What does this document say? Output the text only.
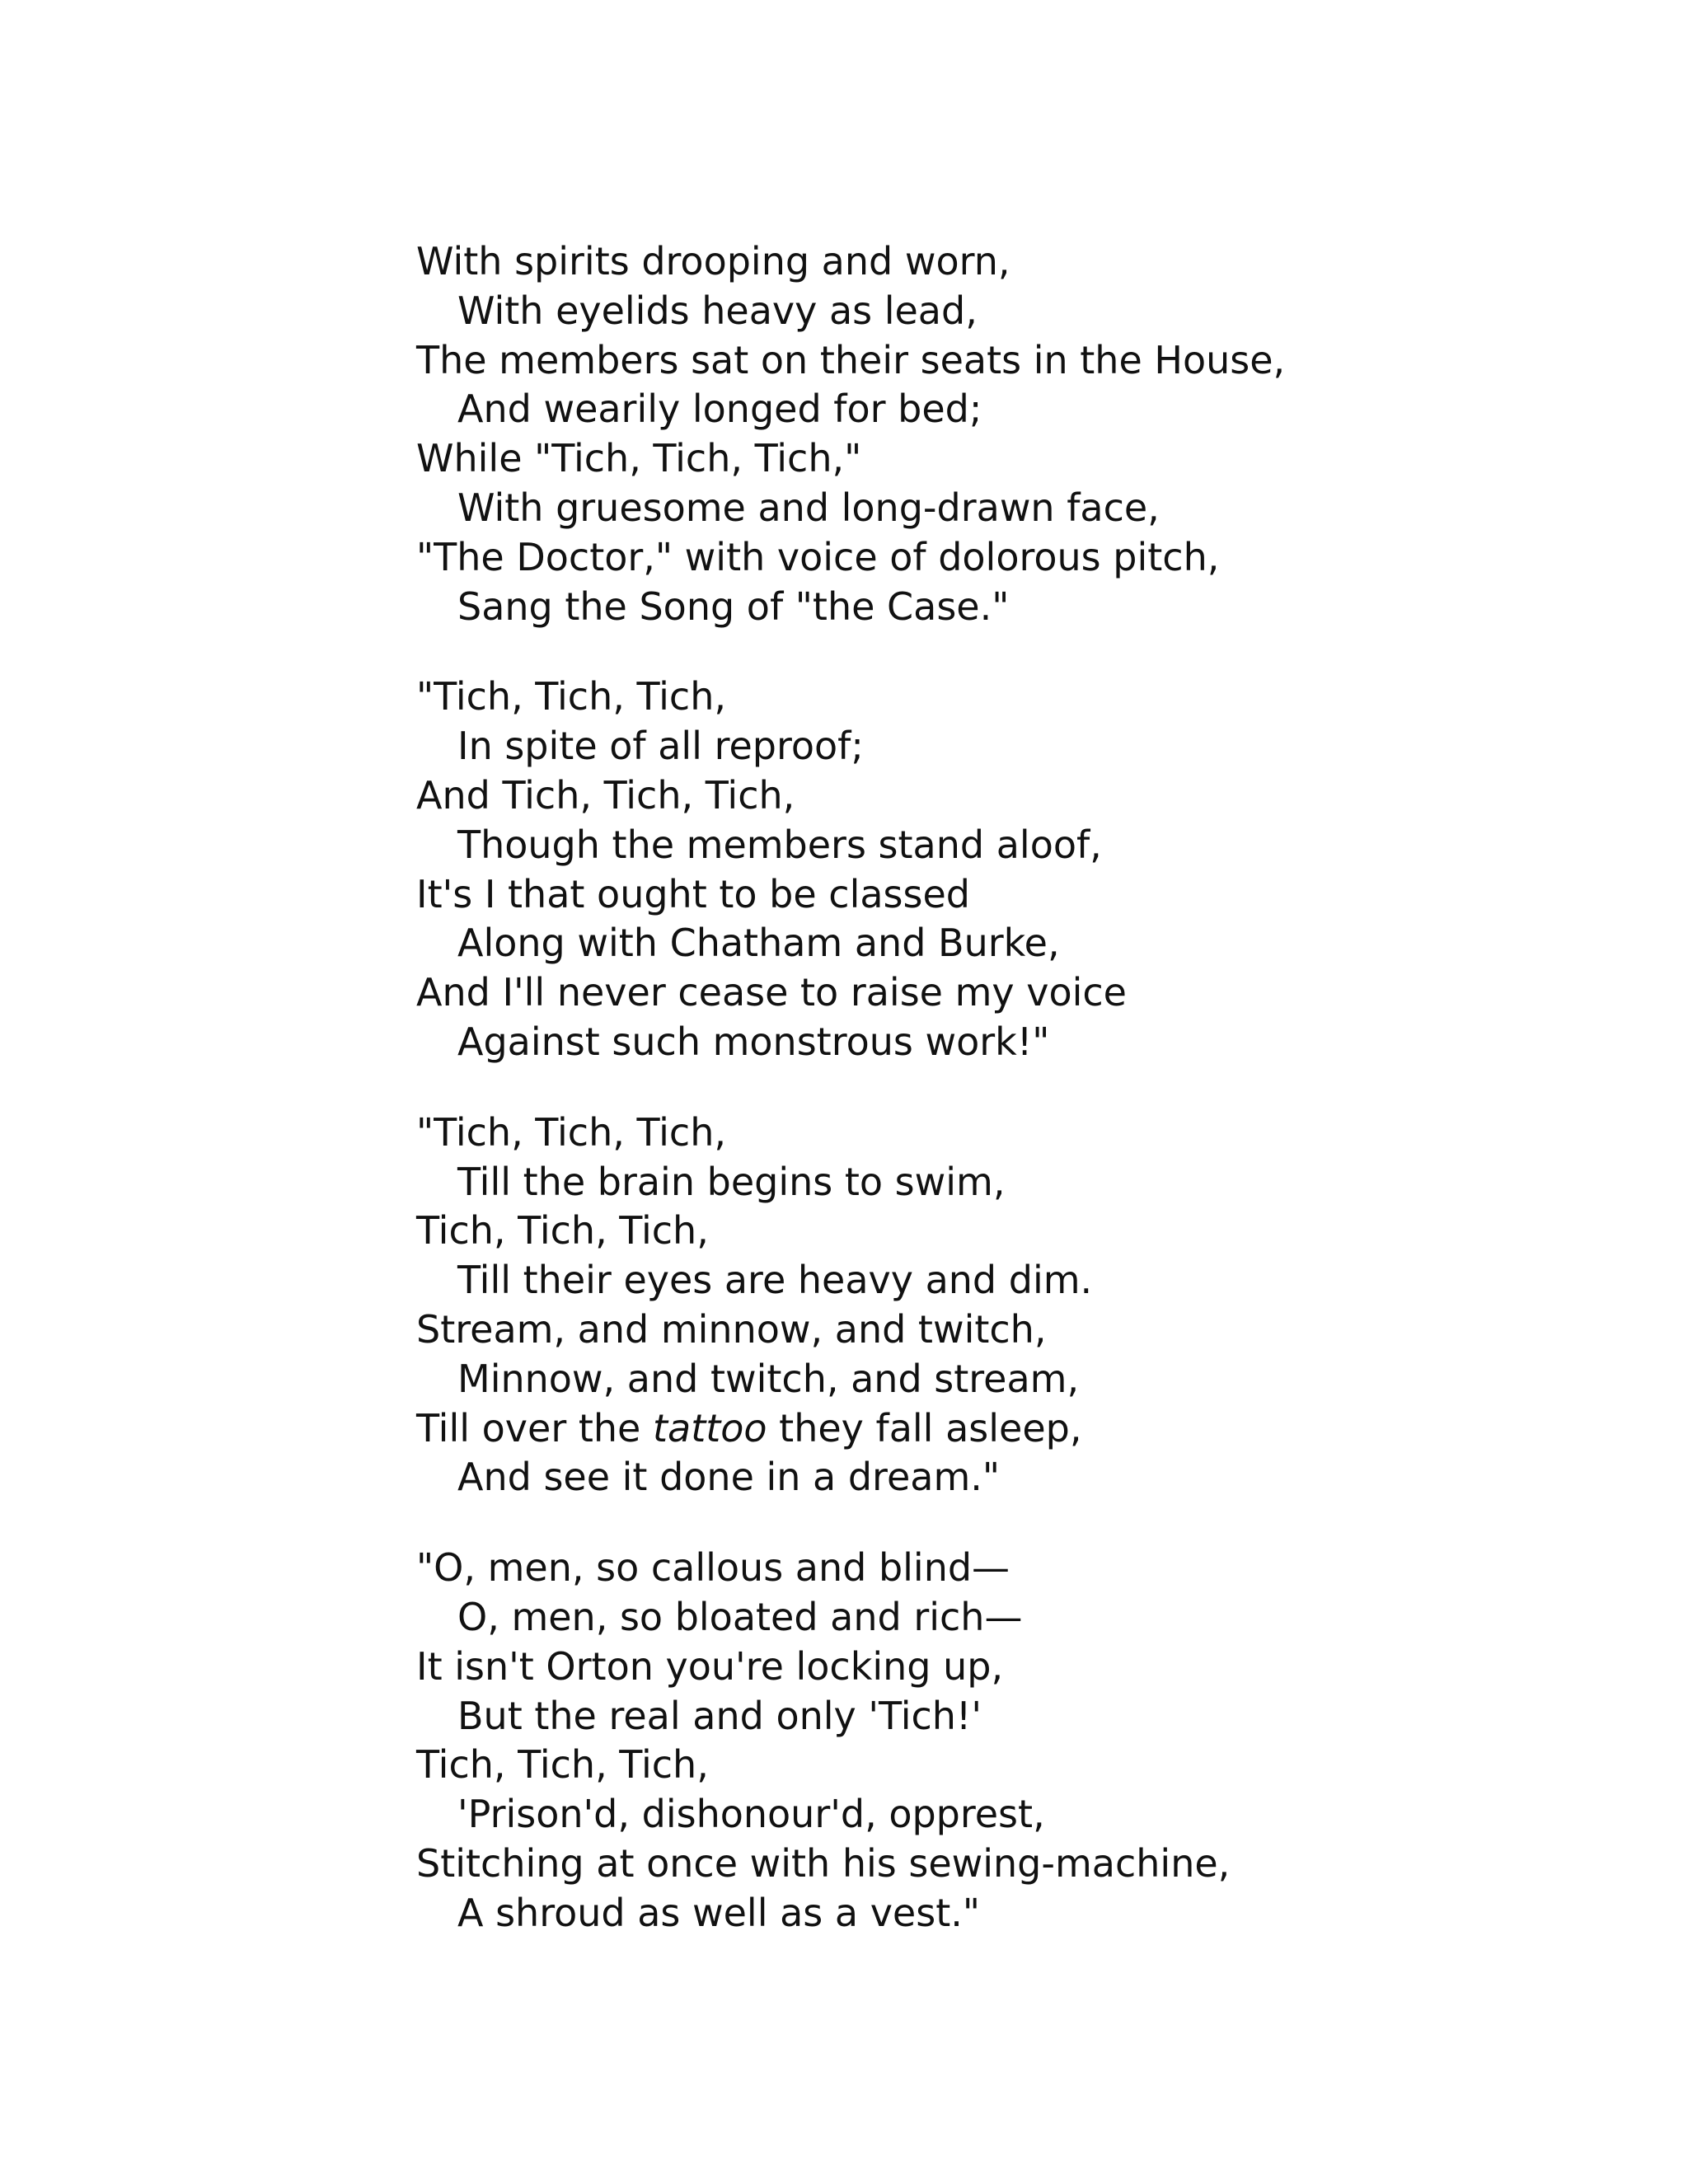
With spirits drooping and worn,
With eyelids heavy as lead,
The members sat on their seats in the House,
And wearily longed for bed;
While "Tich, Tich, Tich,"
With gruesome and long-drawn face,
"The Doctor," with voice of dolorous pitch,
Sang the Song of "the Case."
"Tich, Tich, Tich,
In spite of all reproof;
And Tich, Tich, Tich,
Though the members stand aloof,
It's I that ought to be classed
Along with Chatham and Burke,
And I'll never cease to raise my voice
Against such monstrous work!"
"Tich, Tich, Tich,
Till the brain begins to swim,
Tich, Tich, Tich,
Till their eyes are heavy and dim.
Stream, and minnow, and twitch,
Minnow, and twitch, and stream,
Till over the tattoo they fall asleep,
And see it done in a dream."
"O, men, so callous and blind—
O, men, so bloated and rich—
It isn't Orton you're locking up,
But the real and only 'Tich!'
Tich, Tich, Tich,
'Prison'd, dishonour'd, opprest,
Stitching at once with his sewing-machine,
A shroud as well as a vest."
